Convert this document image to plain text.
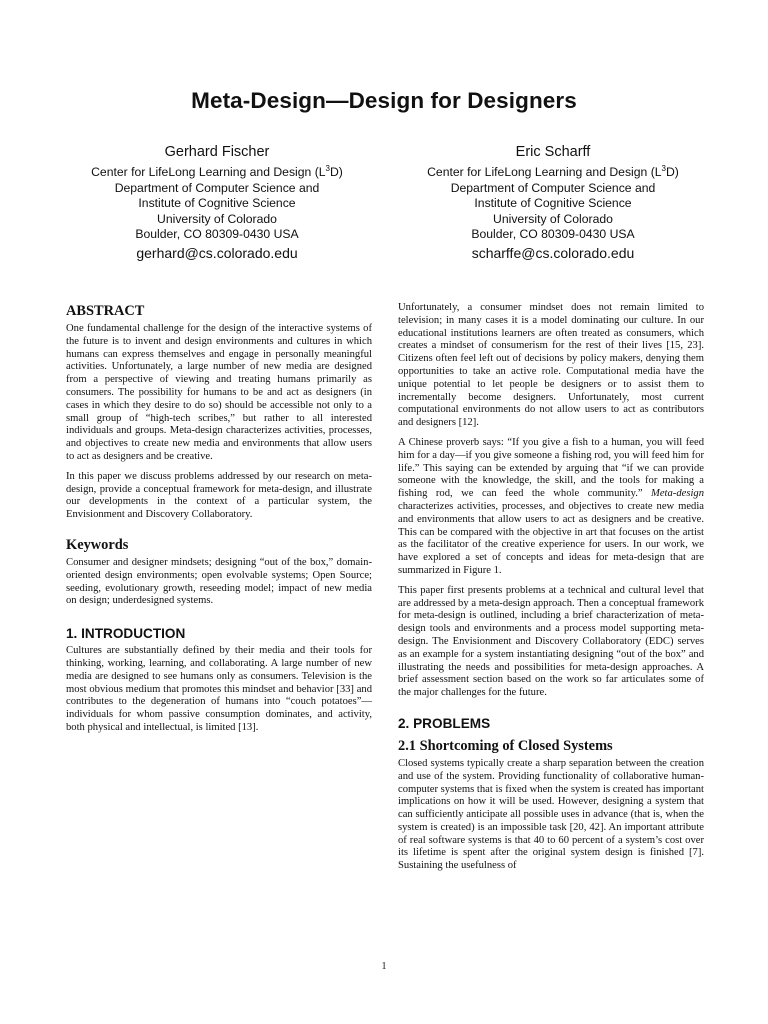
Meta-Design—Design for Designers
Gerhard Fischer
Center for LifeLong Learning and Design $(L^3D)$
Department of Computer Science and
Institute of Cognitive Science
University of Colorado
Boulder, CO 80309-0430 USA
gerhard@cs.colorado.edu
Eric Scharff
Center for LifeLong Learning and Design $(L^3D)$
Department of Computer Science and
Institute of Cognitive Science
University of Colorado
Boulder, CO 80309-0430 USA
scharffe@cs.colorado.edu
ABSTRACT

One fundamental challenge for the design of the interactive systems of the future is to invent and design environments and cultures in which humans can express themselves and engage in personally meaningful activities. Unfortunately, a large number of new media are designed from a perspective of viewing and treating humans primarily as consumers. The possibility for humans to be and act as designers (in cases in which they desire to do so) should be accessible not only to a small group of “high-tech scribes,” but rather to all interested individuals and groups. Meta-design characterizes activities, processes, and objectives to create new media and environments that allow users to act as designers and be creative.

In this paper we discuss problems addressed by our research on meta-design, provide a conceptual framework for meta-design, and illustrate our developments in the context of a particular system, the Envisionment and Discovery Collaboratory.

Keywords

Consumer and designer mindsets; designing “out of the box,” domain-oriented design environments; open evolvable systems; Open Source; seeding, evolutionary growth, reseeding model; impact of new media on design; underdesigned systems.

1. INTRODUCTION

Cultures are substantially defined by their media and their tools for thinking, working, learning, and collaborating. A large number of new media are designed to see humans only as consumers. Television is the most obvious medium that promotes this mindset and behavior [33] and contributes to the degeneration of humans into “couch potatoes”—individuals for whom passive consumption dominates, and activity, both physical and intellectual, is limited [13].

Unfortunately, a consumer mindset does not remain limited to television; in many cases it is a model dominating our culture. In our educational institutions learners are often treated as consumers, which creates a mindset of consumerism for the rest of their lives [15, 23]. Citizens often feel left out of decisions by policy makers, denying them opportunities to take an active role. Computational media have the unique potential to let people be designers or to assist them to incrementally become designers. Unfortunately, most current computational environments do not allow users to act as contributors and designers [12].

A Chinese proverb says: “If you give a fish to a human, you will feed him for a day—if you give someone a fishing rod, you will feed him for life.” This saying can be extended by arguing that “if we can provide someone with the knowledge, the skill, and the tools for making a fishing rod, we can feed the whole community.” Meta-design characterizes activities, processes, and objectives to create new media and environments that allow users to act as designers and be creative. This can be compared with the objective in art that focuses on the artist as the facilitator of the creative experience for users. In our work, we have explored a set of concepts and ideas for meta-design that are summarized in Figure 1.

This paper first presents problems at a technical and cultural level that are addressed by a meta-design approach. Then a conceptual framework for meta-design is outlined, including a brief characterization of meta-design tools and environments and a process model supporting meta-design. The Envisionment and Discovery Collaboratory (EDC) serves as an example for a system instantiating designing “out of the box” and illustrating the needs and possibilities for meta-design approaches. A brief assessment section based on the work so far articulates some of the major challenges for the future.

2. PROBLEMS
2.1 Shortcoming of Closed Systems

Closed systems typically create a sharp separation between the creation and use of the system. Providing functionality of collaborative human-computer systems that is fixed when the system is created has important implications on how it will be used. However, designing a system that can sufficiently anticipate all possible uses in advance (that is, when the system is created) is an impossible task [20, 42]. An important attribute of real software systems is that 40 to 60 percent of a system’s cost over its lifetime is spent after the original system design is finished [7]. Sustaining the usefulness of

1
